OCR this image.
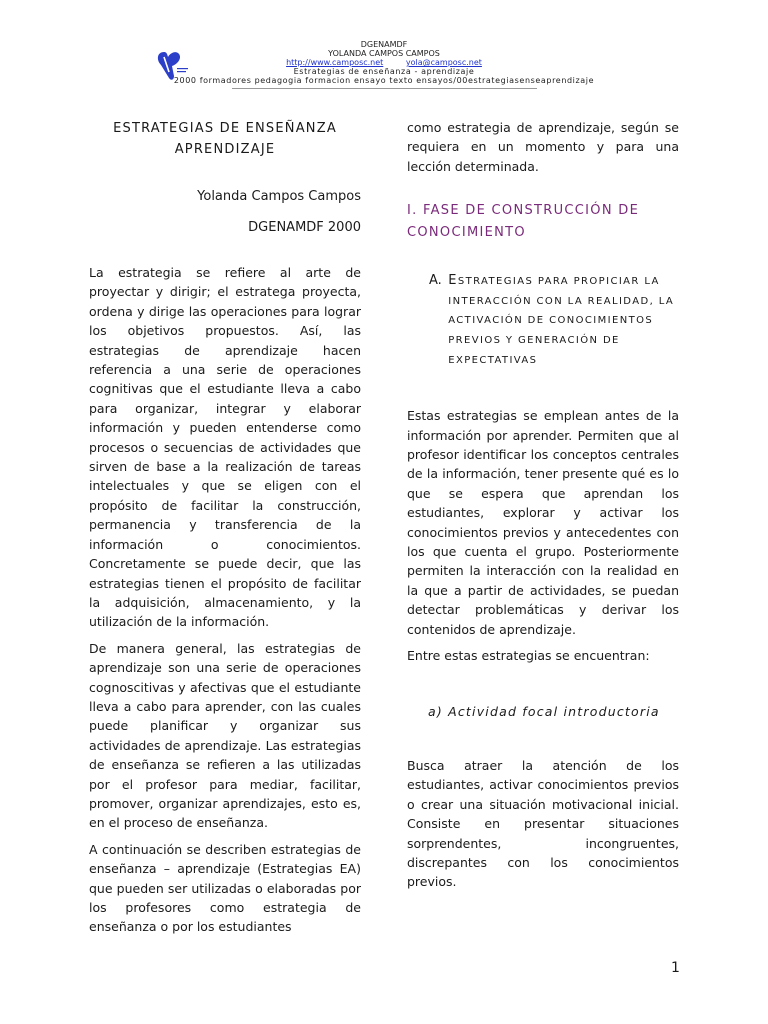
DGENAMDF
YOLANDA CAMPOS CAMPOS
http://www.camposc.net	yola@camposc.net
Estrategias de enseñanza - aprendizaje
2000 formadores pedagogia formacion ensayo texto ensayos/00estrategiasenseaprendizaje
ESTRATEGIAS DE ENSEÑANZA
APRENDIZAJE
Yolanda Campos Campos
DGENAMDF 2000

La estrategia se refiere al arte de proyectar y dirigir; el estratega proyecta, ordena y dirige las operaciones para lograr los objetivos propuestos. Así, las estrategias de aprendizaje hacen referencia a una serie de operaciones cognitivas que el estudiante lleva a cabo para organizar, integrar y elaborar información y pueden entenderse como procesos o secuencias de actividades que sirven de base a la realización de tareas intelectuales y que se eligen con el propósito de facilitar la construcción, permanencia y transferencia de la información o conocimientos. Concretamente se puede decir, que las estrategias tienen el propósito de facilitar la adquisición, almacenamiento, y la utilización de la información.

De manera general, las estrategias de aprendizaje son una serie de operaciones cognoscitivas y afectivas que el estudiante lleva a cabo para aprender, con las cuales puede planificar y organizar sus actividades de aprendizaje. Las estrategias de enseñanza se refieren a las utilizadas por el profesor para mediar, facilitar, promover, organizar aprendizajes, esto es, en el proceso de enseñanza.

A continuación se describen estrategias de enseñanza – aprendizaje (Estrategias EA) que pueden ser utilizadas o elaboradas por los profesores como estrategia de enseñanza o por los estudiantes

como estrategia de aprendizaje, según se requiera en un momento y para una lección determinada.

I. FASE DE CONSTRUCCIÓN DE CONOCIMIENTO
A. ESTRATEGIAS PARA PROPICIAR LA INTERACCIÓN CON LA REALIDAD, LA ACTIVACIÓN DE CONOCIMIENTOS PREVIOS Y GENERACIÓN DE EXPECTATIVAS

Estas estrategias se emplean antes de la información por aprender. Permiten que al profesor identificar los conceptos centrales de la información, tener presente qué es lo que se espera que aprendan los estudiantes, explorar y activar los conocimientos previos y antecedentes con los que cuenta el grupo. Posteriormente permiten la interacción con la realidad en la que a partir de actividades, se puedan detectar problemáticas y derivar los contenidos de aprendizaje.

Entre estas estrategias se encuentran:

a) Actividad focal introductoria

Busca atraer la atención de los estudiantes, activar conocimientos previos o crear una situación motivacional inicial. Consiste en presentar situaciones sorprendentes, incongruentes, discrepantes con los conocimientos previos.

1
